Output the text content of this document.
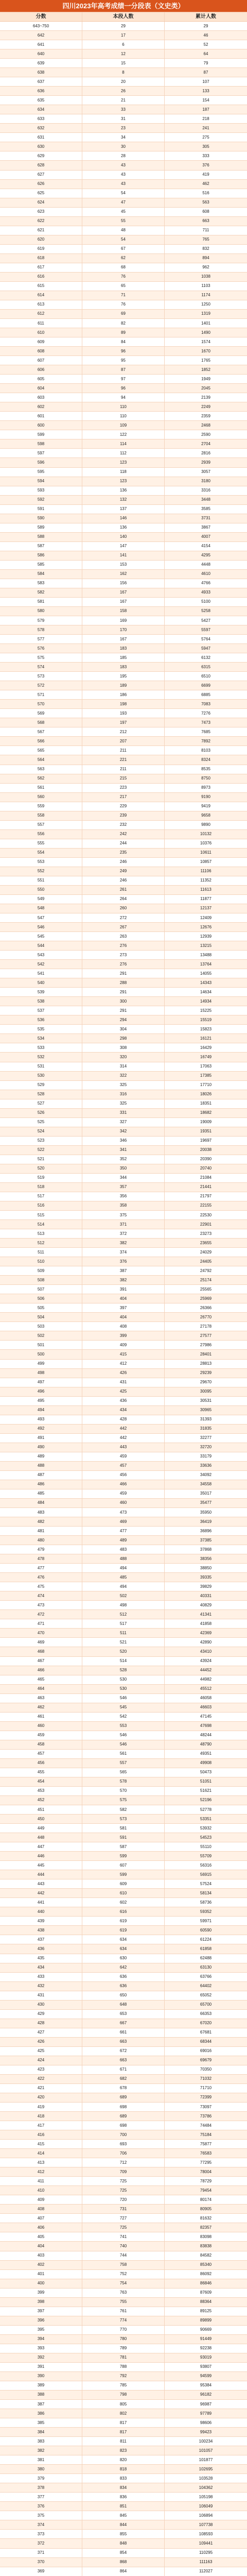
四川2023年高考成绩一分段表（文史类）
分数	本段人数	累计人数
643~750	29	29
642	17	46
641	6	52
640	12	64
639	15	79
638	8	87
637	20	107
636	26	133
635	21	154
634	33	187
633	31	218
632	23	241
631	34	275
630	30	305
629	28	333
628	43	376
627	43	419
626	43	462
625	54	516
624	47	563
623	45	608
622	55	663
621	48	711
620	54	765
619	67	832
618	62	894
617	68	962
616	76	1038
615	65	1103
614	71	1174
613	76	1250
612	69	1319
611	82	1401
610	89	1490
609	84	1574
608	96	1670
607	95	1765
606	87	1852
605	97	1949
604	96	2045
603	94	2139
602	110	2249
601	110	2359
600	109	2468
599	122	2590
598	114	2704
597	112	2816
596	123	2939
595	118	3057
594	123	3180
593	136	3316
592	132	3448
591	137	3585
590	146	3731
589	136	3867
588	140	4007
587	147	4154
586	141	4295
585	153	4448
584	162	4610
583	156	4766
582	167	4933
581	167	5100
580	158	5258
579	169	5427
578	170	5597
577	167	5764
576	183	5947
575	185	6132
574	183	6315
573	195	6510
572	189	6699
571	186	6885
570	198	7083
569	193	7276
568	197	7473
567	212	7685
566	207	7892
565	211	8103
564	221	8324
563	211	8535
562	215	8750
561	223	8973
560	217	9190
559	229	9419
558	239	9658
557	232	9890
556	242	10132
555	244	10376
554	235	10611
553	246	10857
552	249	11106
551	246	11352
550	261	11613
549	264	11877
548	260	12137
547	272	12409
546	267	12676
545	263	12939
544	276	13215
543	273	13488
542	276	13764
541	291	14055
540	288	14343
539	291	14634
538	300	14934
537	291	15225
536	294	15519
535	304	15823
534	298	16121
533	308	16429
532	320	16749
531	314	17063
530	322	17385
529	325	17710
528	316	18026
527	325	18351
526	331	18682
525	327	19009
524	342	19351
523	346	19697
522	341	20038
521	352	20390
520	350	20740
519	344	21084
518	357	21441
517	356	21797
516	358	22155
515	375	22530
514	371	22901
513	372	23273
512	382	23655
511	374	24029
510	376	24405
509	387	24792
508	382	25174
507	391	25565
506	404	25969
505	397	26366
504	404	26770
503	408	27178
502	399	27577
501	409	27986
500	415	28401
499	412	28813
498	426	29239
497	431	29670
496	425	30095
495	436	30531
494	434	30965
493	428	31393
492	442	31835
491	442	32277
490	443	32720
489	459	33179
488	457	33636
487	456	34092
486	466	34558
485	459	35017
484	460	35477
483	473	35950
482	469	36419
481	477	36896
480	489	37385
479	483	37868
478	488	38356
477	494	38850
476	485	39335
475	494	39829
474	502	40331
473	498	40829
472	512	41341
471	517	41858
470	511	42369
469	521	42890
468	520	43410
467	514	43924
466	528	44452
465	530	44982
464	530	45512
463	546	46058
462	545	46603
461	542	47145
460	553	47698
459	546	48244
458	546	48790
457	561	49351
456	557	49908
455	565	50473
454	578	51051
453	570	51621
452	575	52196
451	582	52778
450	573	53351
449	581	53932
448	591	54523
447	587	55110
446	599	55709
445	607	56316
444	599	56915
443	609	57524
442	610	58134
441	602	58736
440	616	59352
439	619	59971
438	619	60590
437	634	61224
436	634	61858
435	630	62488
434	642	63130
433	636	63766
432	636	64402
431	650	65052
430	648	65700
429	653	66353
428	667	67020
427	661	67681
426	663	68344
425	672	69016
424	663	69679
423	671	70350
422	682	71032
421	678	71710
420	689	72399
419	698	73097
418	689	73786
417	698	74484
416	700	75184
415	693	75877
414	706	76583
413	712	77295
412	709	78004
411	725	78729
410	725	79454
409	720	80174
408	731	80905
407	727	81632
406	725	82357
405	741	83098
404	740	83838
403	744	84582
402	758	85340
401	752	86092
400	754	86846
399	763	87609
398	755	88364
397	761	89125
396	774	89899
395	770	90669
394	780	91449
393	789	92238
392	781	93019
391	788	93807
390	792	94599
389	785	95384
388	798	96182
387	805	96987
386	802	97789
385	817	98606
384	817	99423
383	811	100234
382	823	101057
381	820	101877
380	818	102695
379	833	103528
378	834	104362
377	836	105198
376	851	106049
375	845	106894
374	844	107738
373	855	108593
372	848	109441
371	854	110295
370	868	111163
369	864	112027
